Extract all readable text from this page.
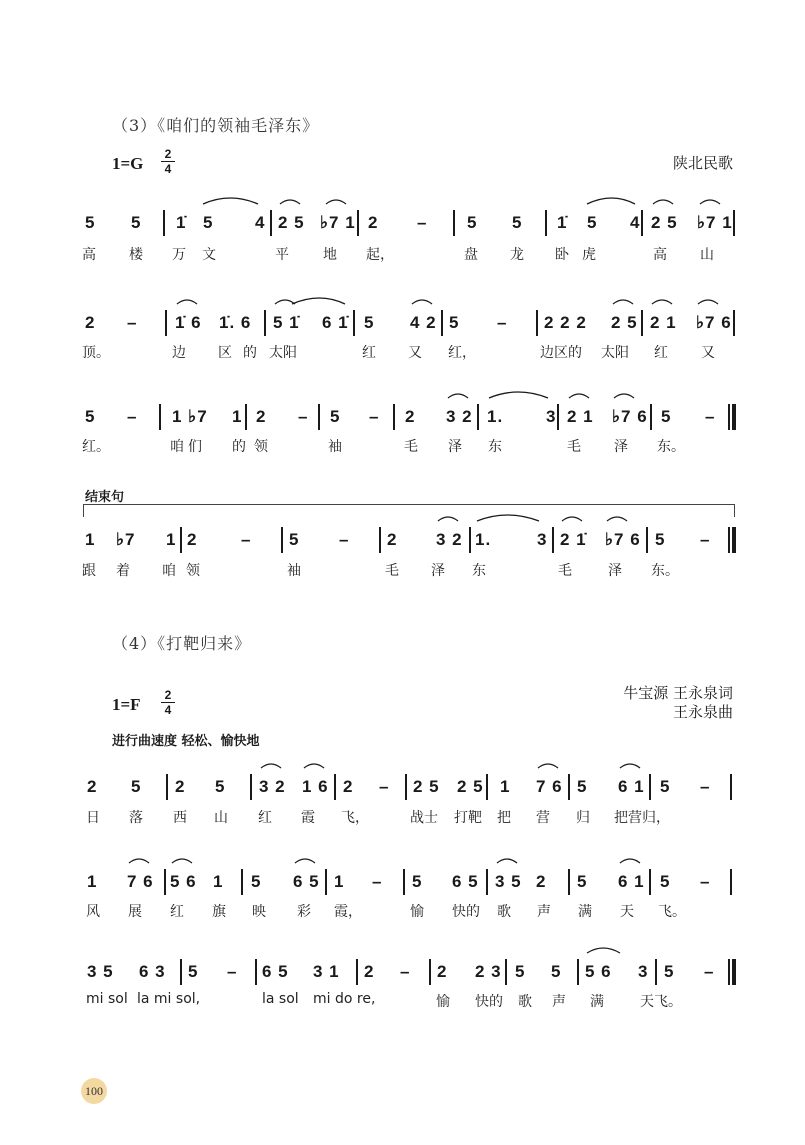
（3）《咱们的领袖毛泽东》
$1=G \frac{2}{4}$	陕北民歌
5 5 1̇ 5 4 2 5 ♭7 1 2 – 5 5 1̇ 5 4 2 5 ♭7 1
高 楼 万 文	平 地 起，	盘 龙 卧 虎	高 山
2 – 1̇ 6 1̇. 6 5 1̇ 6 1̇ 5 4 2 5 – 2 2 2 2 5 2 1 ♭7 6
顶。	边 区 的 太阳	红 又 红，	边区的 太阳 红 又
5 – 1 ♭7 1 2 – 5 – 2 3 2 1.	3 2 1 ♭7 6 5 –
红。	咱 们 的 领	袖	毛 泽 东	毛 泽 东。
结束句
1 ♭7 1 2	– 5 – 2 3 2 1.	3 2 1̇ ♭7 6 5 –
跟 着 咱 领	袖	毛 泽 东	毛	泽 东。
（4）《打靶归来》
牛宝源 王永泉词
王永泉曲
$1=F \frac{2}{4}$
进行曲速度 轻松、愉快地
2 5 2 5 3 2 1 6 2 – 2 5 2 5 1 7 6 5 6 1 5 –
日 落 西 山 红 霞 飞，	战士 打靶 把 营 归 把营归，
1 7 6 5 6 1 5 6 5 1 – 5 6 5 3 5 2 5 6 1 5 –
风 展 红 旗 映 彩 霞，	愉 快的 歌 声 满 天 飞。
3 5 6 3 5 – 6 5 3 1 2 – 2 2 3 5 5 5 6 3 5 –
mi sol la mi sol,	la sol mi do re,	愉 快的 歌 声 满	天飞。
100
